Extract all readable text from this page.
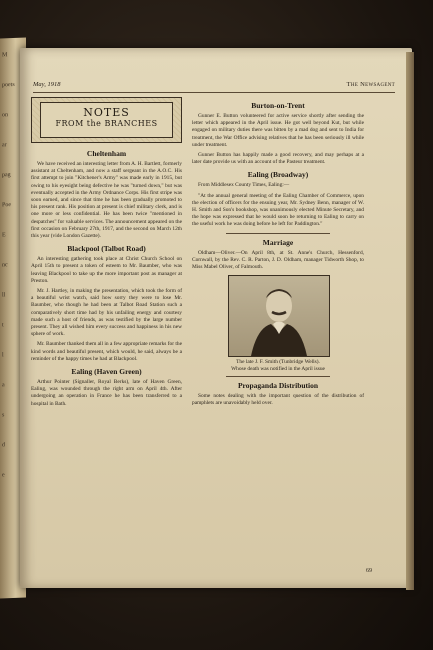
M
poets
on
ar
pag
Poe
E
nc
ll
t
l
a
s
d
e
May, 1918	The Newsagent
NOTES
FROM the BRANCHES
Cheltenham

We have received an interesting letter from A. H. Bartlett, formerly assistant at Cheltenham, and now a staff sergeant in the A.O.C. His first attempt to join "Kitchener's Army" was made early in 1915, but owing to his eyesight being defective he was "turned down," but was eventually accepted in the Army Ordnance Corps. His first stripe was soon earned, and since that time he has been gradually promoted to his present rank. His position at present is chief military clerk, and is one more or less confidential. He has been twice "mentioned in despatches" for valuable services. The announcement appeared on the first occasion on February 27th, 1917, and the second on March 12th this year (vide London Gazette).

Blackpool (Talbot Road)

An interesting gathering took place at Christ Church School on April 15th to present a token of esteem to Mr. Baumber, who was leaving Blackpool to take up the more important post as manager at Preston.

Mr. J. Hartley, in making the presentation, which took the form of a beautiful wrist watch, said how sorry they were to lose Mr. Baumber, who though he had been at Talbot Road Station such a comparatively short time had by his unfailing energy and courtesy made such a host of friends, as was testified by the large number present. They all wished him every success and happiness in his new sphere of work.

Mr. Baumber thanked them all in a few appropriate remarks for the kind words and beautiful present, which would, he said, always be a reminder of the happy times he had at Blackpool.

Ealing (Haven Green)

Arthur Pointer (Signaller, Royal Berks), late of Haven Green, Ealing, was wounded through the right arm on April 4th. After undergoing an operation in France he has been transferred to a hospital in Bath.

Burton-on-Trent

Gunner E. Button volunteered for active service shortly after sending the letter which appeared in the April issue. He got well beyond Kut, but while engaged on military duties there was bitten by a mad dog and sent to India for treatment, the War Office advising relatives that he has been seriously ill while under treatment.

Gunner Button has happily made a good recovery, and may perhaps at a later date provide us with an account of the Pasteur treatment.

Ealing (Broadway)

From Middlesex County Times, Ealing:—

"At the annual general meeting of the Ealing Chamber of Commerce, upon the election of officers for the ensuing year, Mr. Sydney Benn, manager of W. H. Smith and Son's bookshop, was unanimously elected Minute Secretary, and the hope was expressed that he would soon be returning to Ealing to carry on the useful work he was doing before he left for Paddington."

Marriage

Oldham—Oliver.—On April 8th, at St. Anne's Church, Hessenford, Cornwall, by the Rev. C. R. Parton, J. D. Oldham, manager Tidworth Shop, to Miss Mabel Oliver, of Falmouth.

The late J. F. Smith (Tunbridge Wells).
Whose death was notified in the April issue
Propaganda Distribution

Some notes dealing with the important question of the distribution of pamphlets are unavoidably held over.

69
